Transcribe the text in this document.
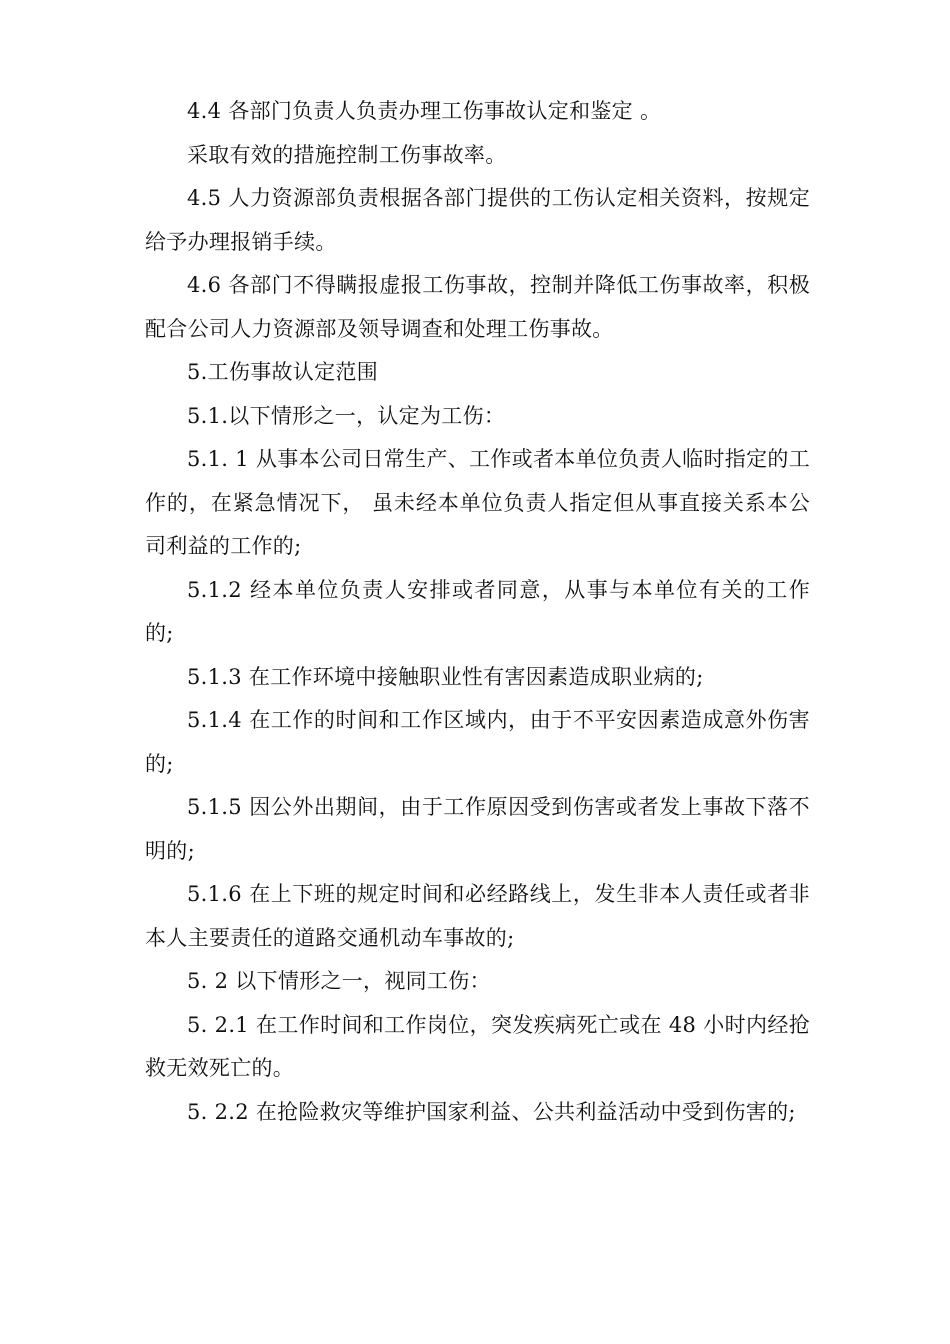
4.4 各部门负责人负责办理工伤事故认定和鉴定 。

采取有效的措施控制工伤事故率。

4.5 人力资源部负责根据各部门提供的工伤认定相关资料，按规定给予办理报销手续。

4.6 各部门不得瞒报虚报工伤事故，控制并降低工伤事故率，积极配合公司人力资源部及领导调查和处理工伤事故。

5.工伤事故认定范围

5.1.以下情形之一，认定为工伤：

5.1. 1 从事本公司日常生产、工作或者本单位负责人临时指定的工作的，在紧急情况下， 虽未经本单位负责人指定但从事直接关系本公司利益的工作的;

5.1.2 经本单位负责人安排或者同意，从事与本单位有关的工作的;

5.1.3 在工作环境中接触职业性有害因素造成职业病的;

5.1.4 在工作的时间和工作区域内，由于不平安因素造成意外伤害的;

5.1.5 因公外出期间，由于工作原因受到伤害或者发上事故下落不明的;

5.1.6 在上下班的规定时间和必经路线上，发生非本人责任或者非本人主要责任的道路交通机动车事故的;

5. 2 以下情形之一，视同工伤：

5. 2.1 在工作时间和工作岗位，突发疾病死亡或在 48 小时内经抢救无效死亡的。

5. 2.2 在抢险救灾等维护国家利益、公共利益活动中受到伤害的;
